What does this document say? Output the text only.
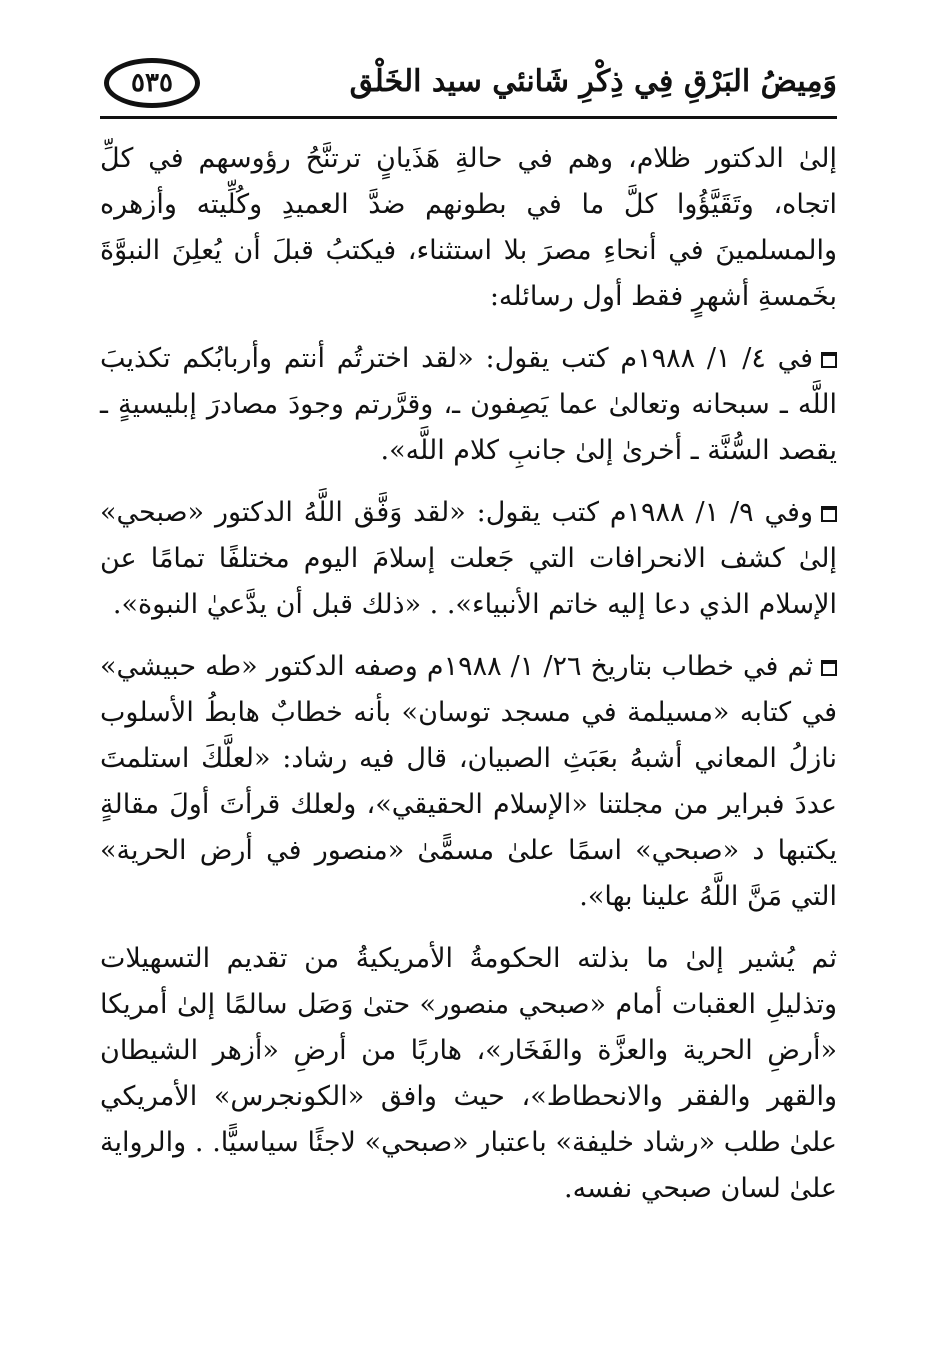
٥٣٥	وَمِيضُ البَرْقِ فِي ذِكْرِ شَانئي سيد الخَلْق

إلىٰ الدكتور ظلام، وهم في حالةِ هَذَيانٍ ترتنَّحُ رؤوسهم في كلِّ اتجاه، وتَقَيَّؤُوا كلَّ ما في بطونهم ضدَّ العميدِ وكُلِّيته وأزهره والمسلمينَ في أنحاءِ مصرَ بلا استثناء، فيكتبُ قبلَ أن يُعلِنَ النبوَّةَ بخَمسةِ أشهرٍ فقط أول رسائله:

في ٤/ ١/ ١٩٨٨م كتب يقول: «لقد اخترتُم أنتم وأربابُكم تكذيبَ اللَّه ـ سبحانه وتعالىٰ عما يَصِفون ـ، وقرَّرتم وجودَ مصادرَ إبليسيةٍ ـ يقصد السُّنَّة ـ أخرىٰ إلىٰ جانبِ كلام اللَّه».

وفي ٩/ ١/ ١٩٨٨م كتب يقول: «لقد وَفَّق اللَّهُ الدكتور «صبحي» إلىٰ كشف الانحرافات التي جَعلت إسلامَ اليوم مختلفًا تمامًا عن الإسلام الذي دعا إليه خاتم الأنبياء». . «ذلك قبل أن يدَّعيٰ النبوة».

ثم في خطاب بتاريخ ٢٦/ ١/ ١٩٨٨م وصفه الدكتور «طه حبيشي» في كتابه «مسيلمة في مسجد توسان» بأنه خطابٌ هابطُ الأسلوب نازلُ المعاني أشبهُ بعَبَثِ الصبيان، قال فيه رشاد: «لعلَّكَ استلمتَ عددَ فبراير من مجلتنا «الإسلام الحقيقي»، ولعلك قرأتَ أولَ مقالةٍ يكتبها د «صبحي» اسمًا علىٰ مسمًّىٰ «منصور في أرض الحرية» التي مَنَّ اللَّهُ علينا بها».

ثم يُشير إلىٰ ما بذلته الحكومةُ الأمريكيةُ من تقديم التسهيلات وتذليلِ العقبات أمام «صبحي منصور» حتىٰ وَصَل سالمًا إلىٰ أمريكا «أرضِ الحرية والعزَّة والفَخَار»، هاربًا من أرضِ «أزهر الشيطان والقهر والفقر والانحطاط»، حيث وافق «الكونجرس» الأمريكي علىٰ طلب «رشاد خليفة» باعتبار «صبحي» لاجئًا سياسيًّا. . والرواية علىٰ لسان صبحي نفسه.
